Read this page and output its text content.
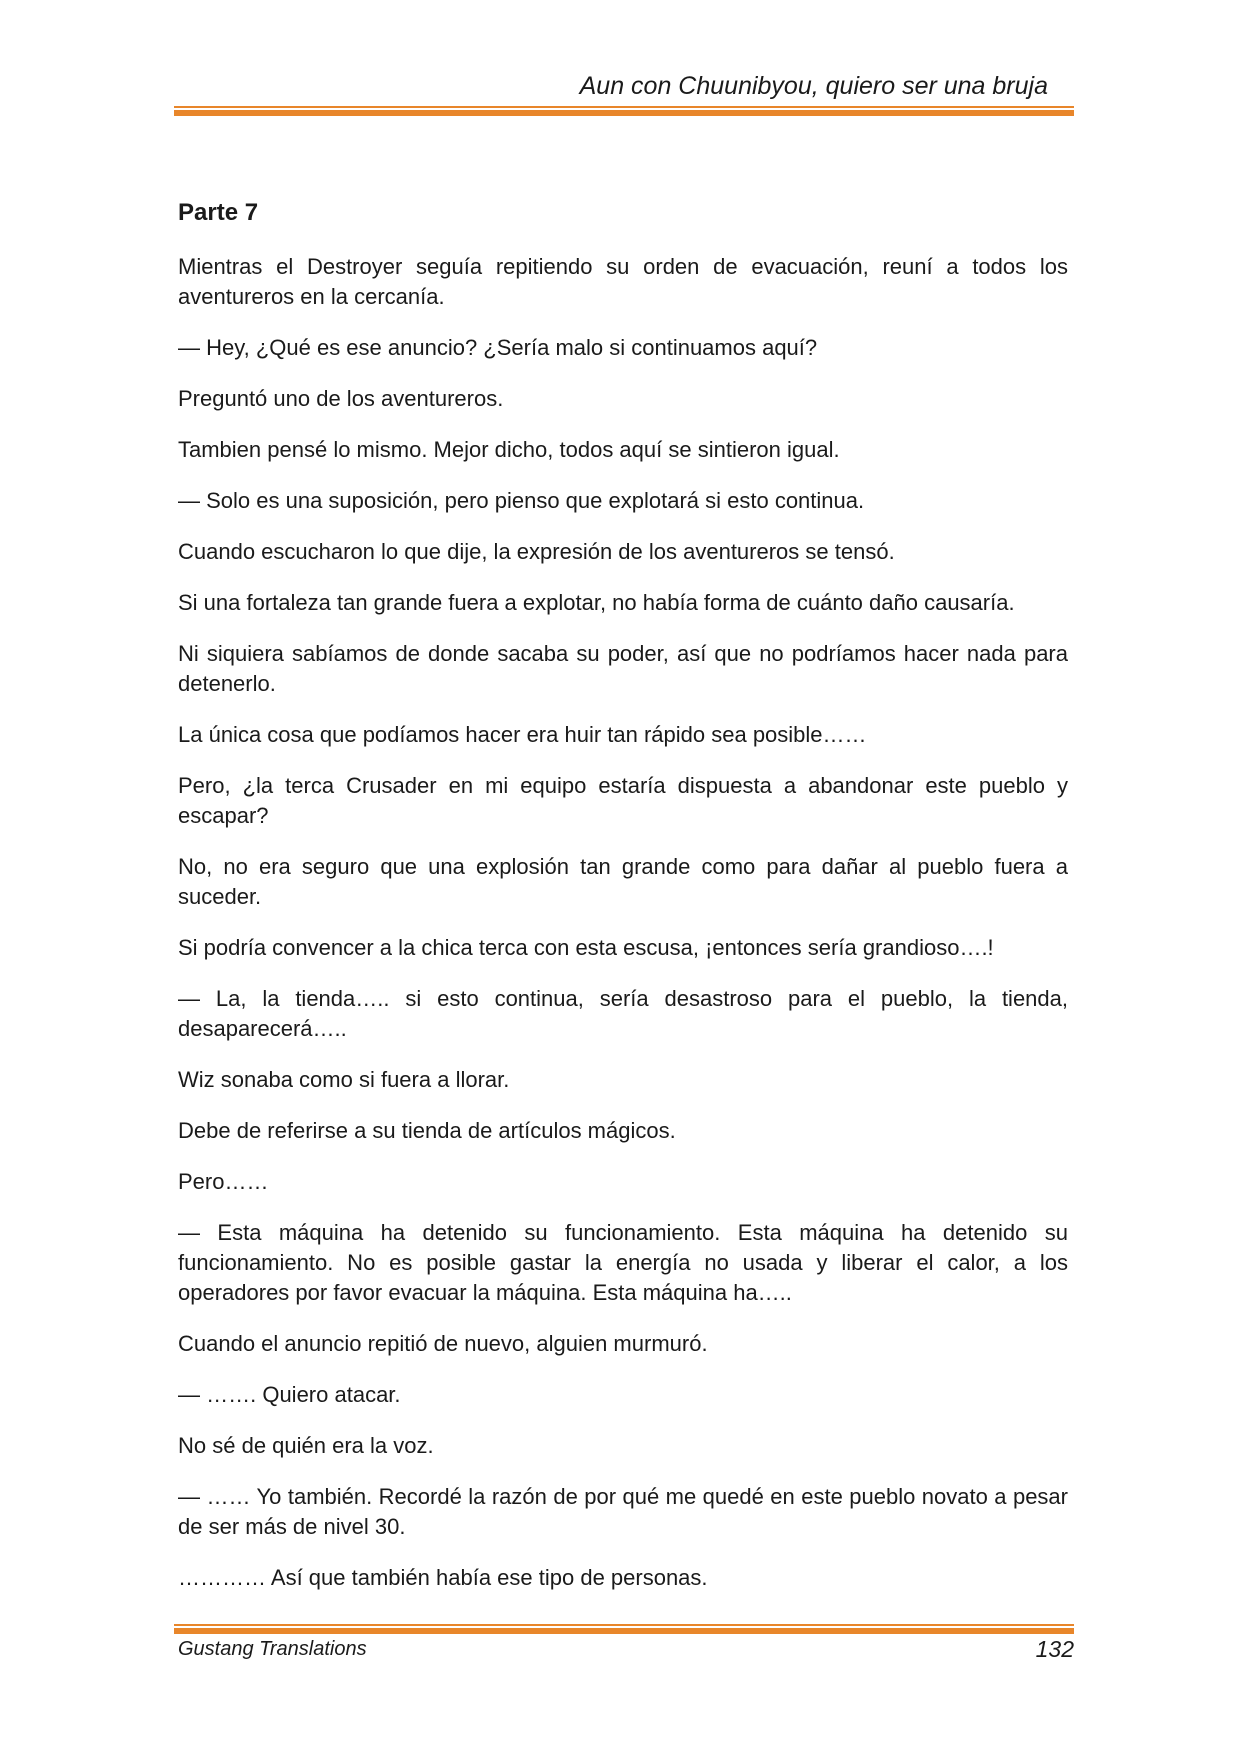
Aun con Chuunibyou, quiero ser una bruja
Parte 7

Mientras el Destroyer seguía repitiendo su orden de evacuación, reuní a todos los aventureros en la cercanía.

— Hey, ¿Qué es ese anuncio? ¿Sería malo si continuamos aquí?

Preguntó uno de los aventureros.

Tambien pensé lo mismo. Mejor dicho, todos aquí se sintieron igual.

— Solo es una suposición, pero pienso que explotará si esto continua.

Cuando escucharon lo que dije, la expresión de los aventureros se tensó.

Si una fortaleza tan grande fuera a explotar, no había forma de cuánto daño causaría.

Ni siquiera sabíamos de donde sacaba su poder, así que no podríamos hacer nada para detenerlo.

La única cosa que podíamos hacer era huir tan rápido sea posible……

Pero, ¿la terca Crusader en mi equipo estaría dispuesta a abandonar este pueblo y escapar?

No, no era seguro que una explosión tan grande como para dañar al pueblo fuera a suceder.

Si podría convencer a la chica terca con esta escusa, ¡entonces sería grandioso….!

— La, la tienda….. si esto continua, sería desastroso para el pueblo, la tienda, desaparecerá…..

Wiz sonaba como si fuera a llorar.

Debe de referirse a su tienda de artículos mágicos.

Pero……

— Esta máquina ha detenido su funcionamiento. Esta máquina ha detenido su funcionamiento. No es posible gastar la energía no usada y liberar el calor, a los operadores por favor evacuar la máquina. Esta máquina ha…..

Cuando el anuncio repitió de nuevo, alguien murmuró.

— ……. Quiero atacar.

No sé de quién era la voz.

— …… Yo también. Recordé la razón de por qué me quedé en este pueblo novato a pesar de ser más de nivel 30.

………… Así que también había ese tipo de personas.

Gustang Translations	132
